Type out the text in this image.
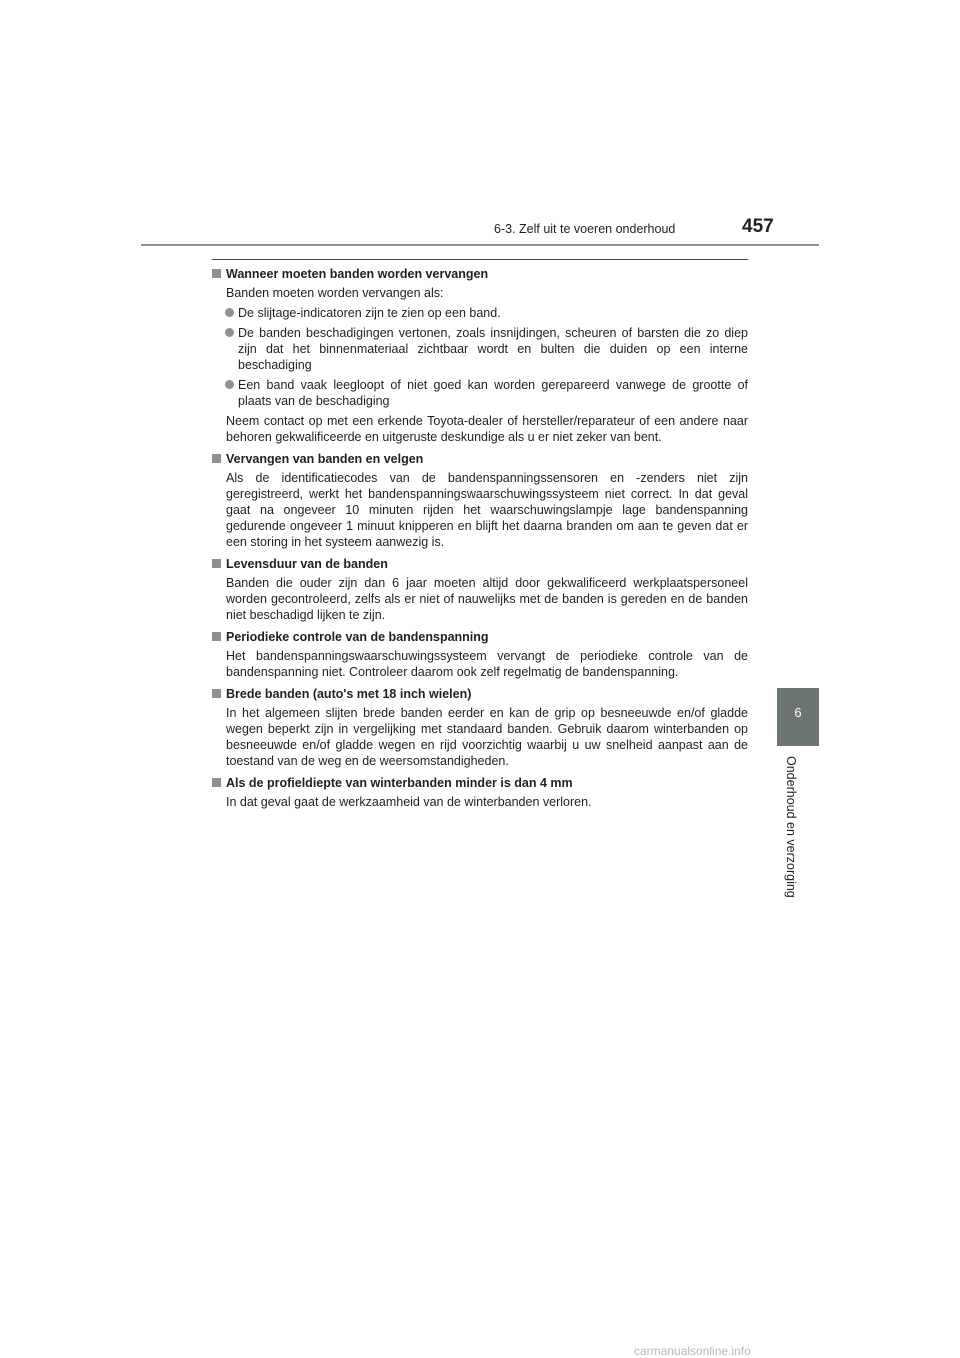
6-3. Zelf uit te voeren onderhoud	457
6
Onderhoud en verzorging
Wanneer moeten banden worden vervangen
Banden moeten worden vervangen als:
De slijtage-indicatoren zijn te zien op een band.
De banden beschadigingen vertonen, zoals insnijdingen, scheuren of barsten die zo diep zijn dat het binnenmateriaal zichtbaar wordt en bulten die duiden op een interne beschadiging
Een band vaak leegloopt of niet goed kan worden gerepareerd vanwege de grootte of plaats van de beschadiging
Neem contact op met een erkende Toyota-dealer of hersteller/reparateur of een andere naar behoren gekwalificeerde en uitgeruste deskundige als u er niet zeker van bent.
Vervangen van banden en velgen
Als de identificatiecodes van de bandenspanningssensoren en -zenders niet zijn geregistreerd, werkt het bandenspanningswaarschuwingssysteem niet correct. In dat geval gaat na ongeveer 10 minuten rijden het waarschuwingslampje lage bandenspanning gedurende ongeveer 1 minuut knipperen en blijft het daarna branden om aan te geven dat er een storing in het systeem aanwezig is.
Levensduur van de banden
Banden die ouder zijn dan 6 jaar moeten altijd door gekwalificeerd werkplaatspersoneel worden gecontroleerd, zelfs als er niet of nauwelijks met de banden is gereden en de banden niet beschadigd lijken te zijn.
Periodieke controle van de bandenspanning
Het bandenspanningswaarschuwingssysteem vervangt de periodieke controle van de bandenspanning niet. Controleer daarom ook zelf regelmatig de bandenspanning.
Brede banden (auto's met 18 inch wielen)
In het algemeen slijten brede banden eerder en kan de grip op besneeuwde en/of gladde wegen beperkt zijn in vergelijking met standaard banden. Gebruik daarom winterbanden op besneeuwde en/of gladde wegen en rijd voorzichtig waarbij u uw snelheid aanpast aan de toestand van de weg en de weersomstandigheden.
Als de profieldiepte van winterbanden minder is dan 4 mm
In dat geval gaat de werkzaamheid van de winterbanden verloren.
carmanualsonline.info
